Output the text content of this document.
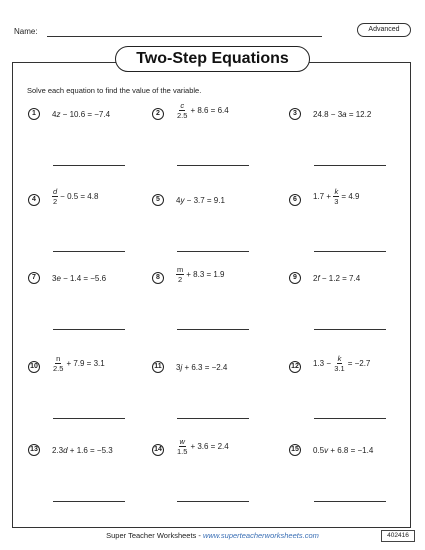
Name:	Advanced
Two-Step Equations
Solve each equation to find the value of the variable.
1	4 z − 10.6 = −7.4	2	$\frac{c}{2.5} + 8.6 = 6.4$	3	24.8 − 3 a = 12.2
4	$\frac{d}{2} - 0.5 = 4.8$	5	4 y − 3.7 = 9.1	6	$1.7 + \frac{k}{3} = 4.9$
7	3 e − 1.4 = −5.6	8	$\frac{m}{2} + 8.3 = 1.9$	9	2 f − 1.2 = 7.4
$10 \frac{n}{2.5} + 7.9 = 3.1$	11 3 j + 6.3 = −2.4	12 $1.3 - \frac{k}{3.1} = -2.7$
13 2.3 d + 1.6 = −5.3	$14 \frac{w}{1.5} + 3.6 = 2.4$	15 0.5 v + 6.8 = −1.4
Super Teacher Worksheets - www.superteacherworksheets.com	402416
